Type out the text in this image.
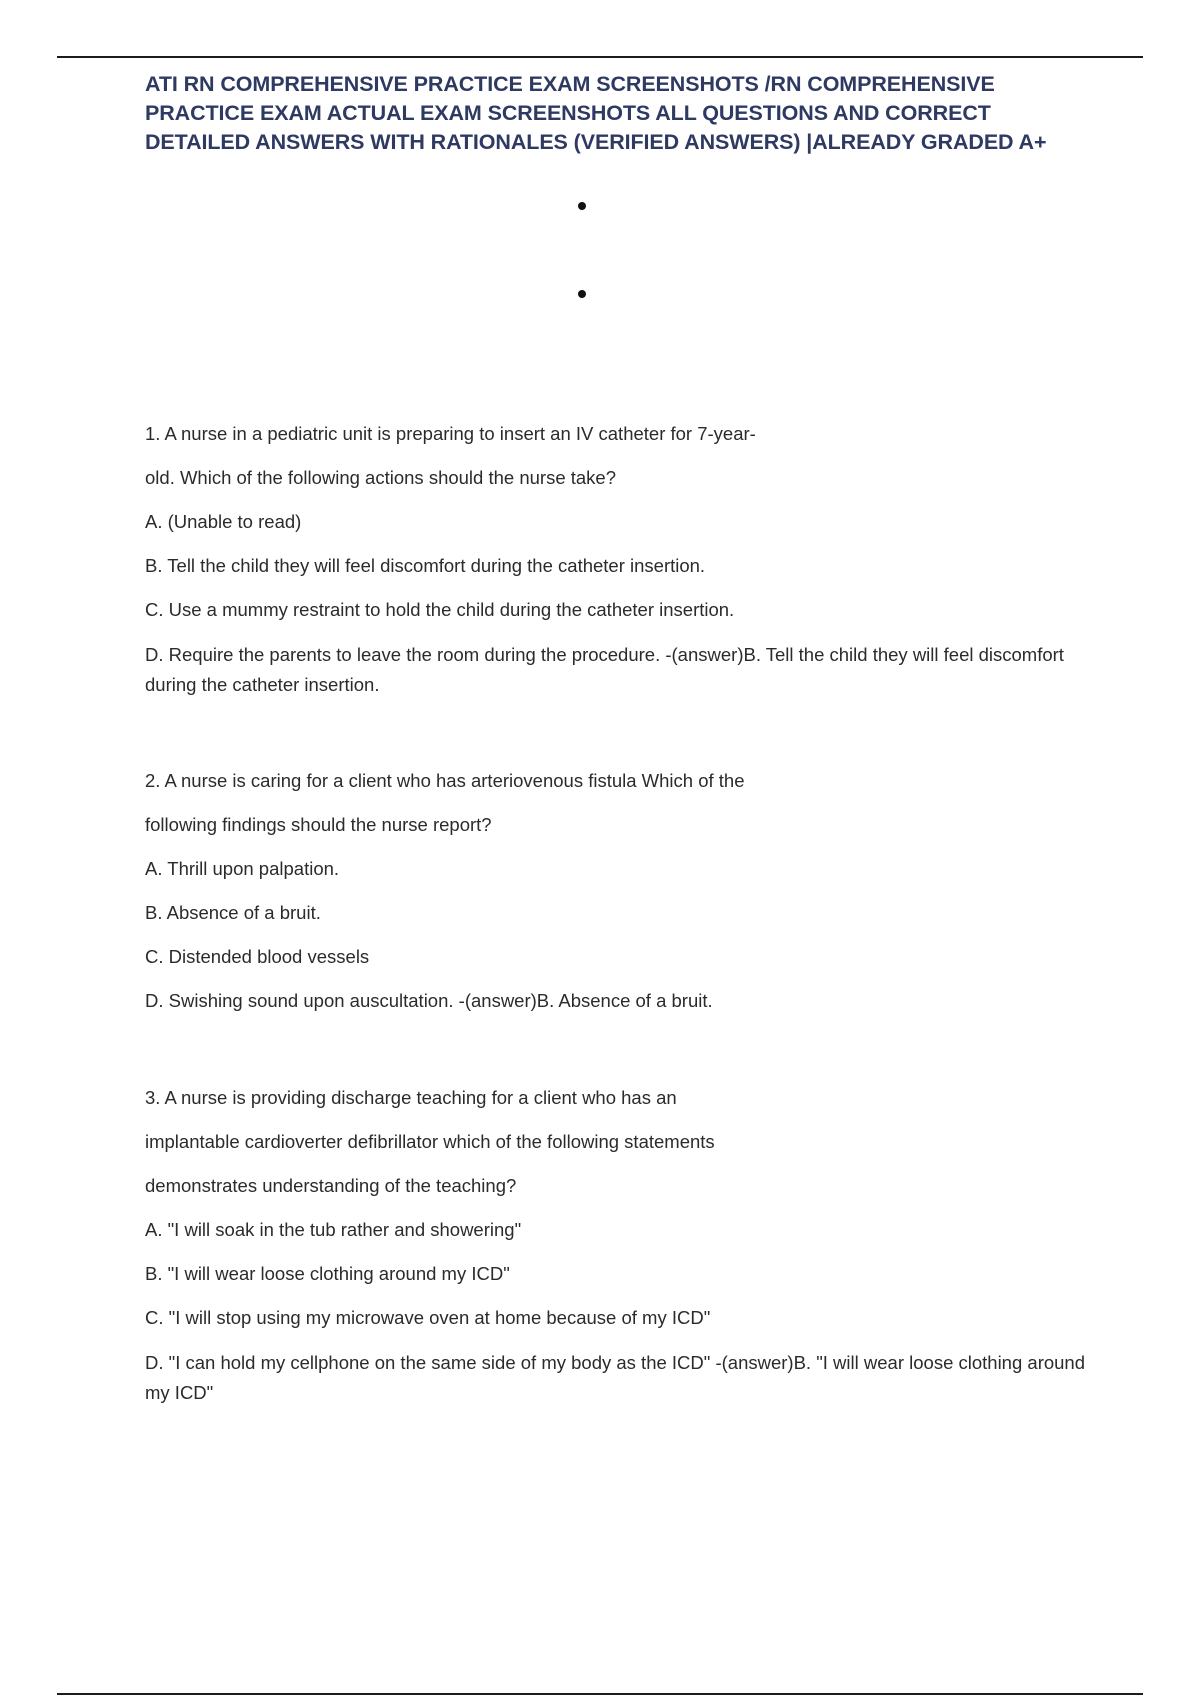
ATI RN COMPREHENSIVE PRACTICE EXAM SCREENSHOTS /RN COMPREHENSIVE PRACTICE EXAM ACTUAL EXAM SCREENSHOTS ALL QUESTIONS AND CORRECT DETAILED ANSWERS WITH RATIONALES (VERIFIED ANSWERS) |ALREADY GRADED A+
1. A nurse in a pediatric unit is preparing to insert an IV catheter for 7-year-
old. Which of the following actions should the nurse take?
A. (Unable to read)
B. Tell the child they will feel discomfort during the catheter insertion.
C. Use a mummy restraint to hold the child during the catheter insertion.
D. Require the parents to leave the room during the procedure. -(answer)B. Tell the child they will feel discomfort during the catheter insertion.
2. A nurse is caring for a client who has arteriovenous fistula Which of the
following findings should the nurse report?
A. Thrill upon palpation.
B. Absence of a bruit.
C. Distended blood vessels
D. Swishing sound upon auscultation. -(answer)B. Absence of a bruit.
3. A nurse is providing discharge teaching for a client who has an
implantable cardioverter defibrillator which of the following statements
demonstrates understanding of the teaching?
A. "I will soak in the tub rather and showering"
B. "I will wear loose clothing around my ICD"
C. "I will stop using my microwave oven at home because of my ICD"
D. "I can hold my cellphone on the same side of my body as the ICD" -(answer)B. "I will wear loose clothing around my ICD"
